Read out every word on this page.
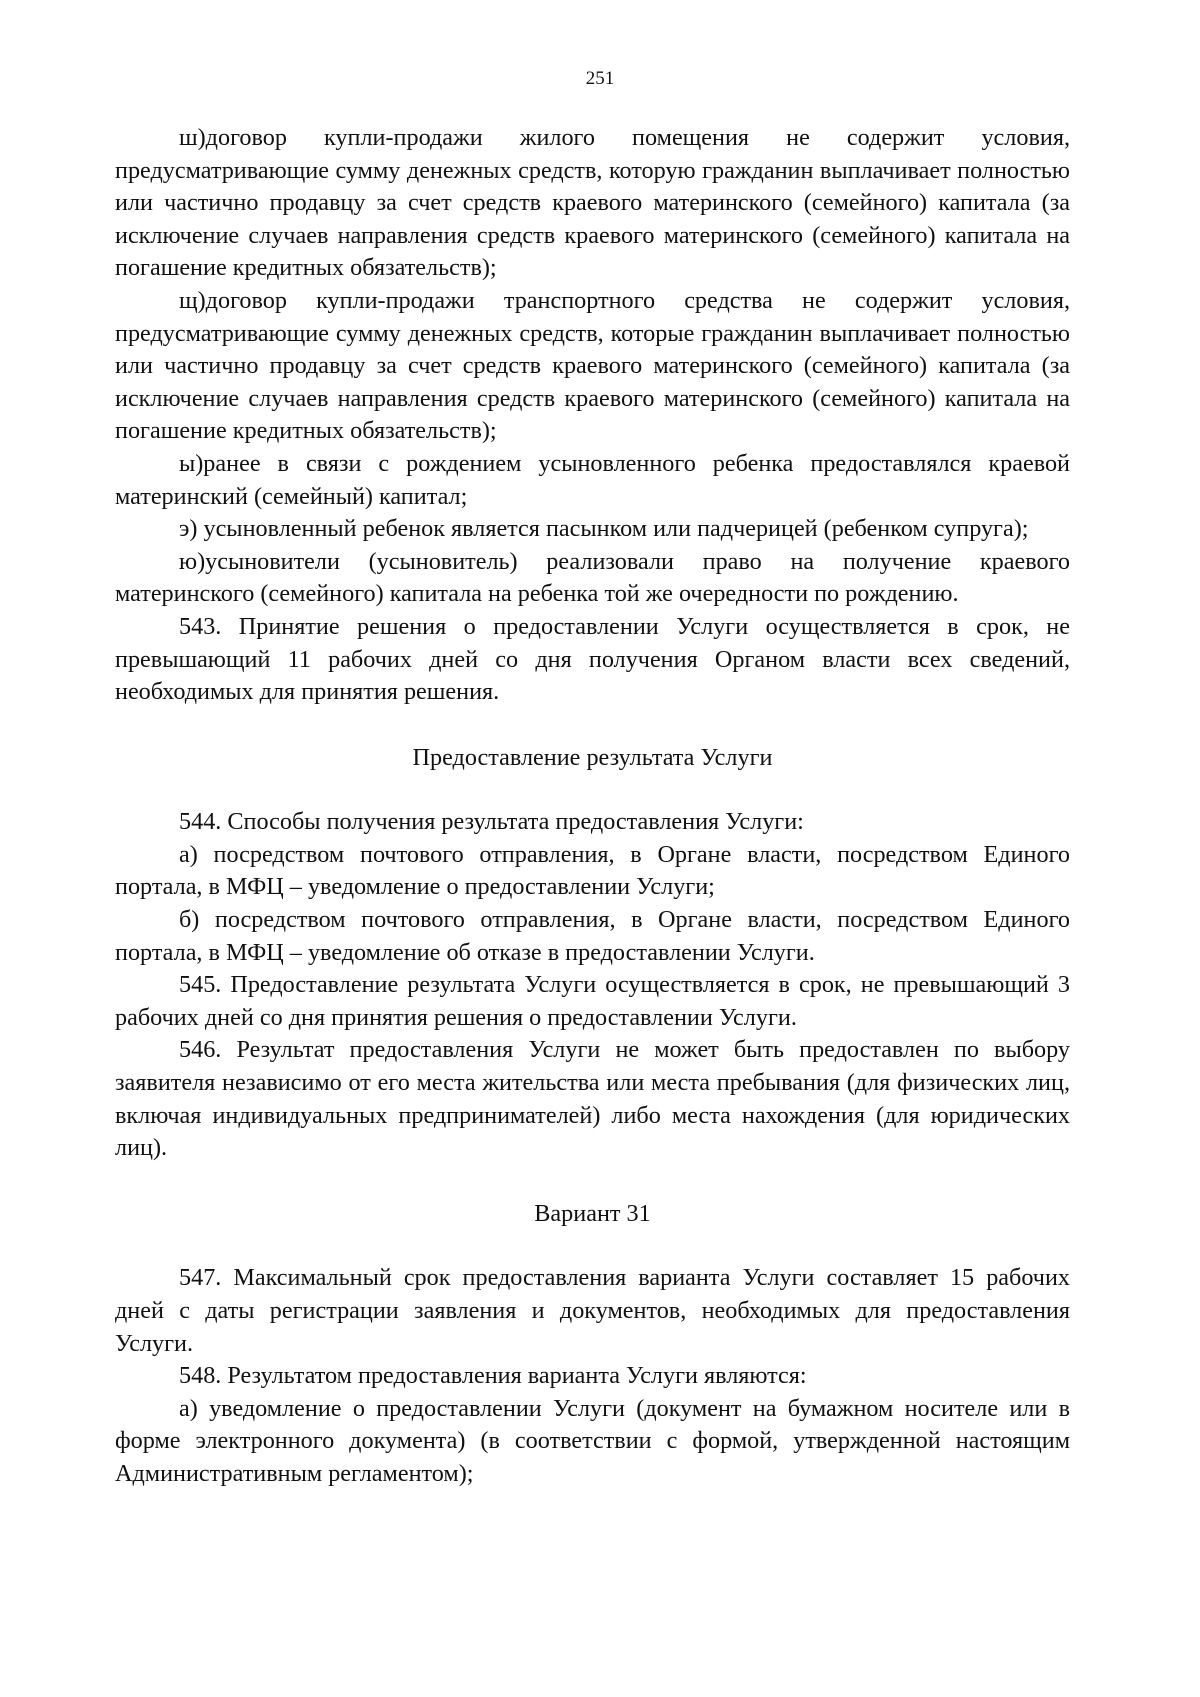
251

ш)договор купли-продажи жилого помещения не содержит условия, предусматривающие сумму денежных средств, которую гражданин выплачивает полностью или частично продавцу за счет средств краевого материнского (семейного) капитала (за исключение случаев направления средств краевого материнского (семейного) капитала на погашение кредитных обязательств);

щ)договор купли-продажи транспортного средства не содержит условия, предусматривающие сумму денежных средств, которые гражданин выплачивает полностью или частично продавцу за счет средств краевого материнского (семейного) капитала (за исключение случаев направления средств краевого материнского (семейного) капитала на погашение кредитных обязательств);

ы)ранее в связи с рождением усыновленного ребенка предоставлялся краевой материнский (семейный) капитал;

э) усыновленный ребенок является пасынком или падчерицей (ребенком супруга);

ю)усыновители (усыновитель) реализовали право на получение краевого материнского (семейного) капитала на ребенка той же очередности по рождению.

543. Принятие решения о предоставлении Услуги осуществляется в срок, не превышающий 11 рабочих дней со дня получения Органом власти всех сведений, необходимых для принятия решения.

Предоставление результата Услуги

544. Способы получения результата предоставления Услуги:

а) посредством почтового отправления, в Органе власти, посредством Единого портала, в МФЦ – уведомление о предоставлении Услуги;

б) посредством почтового отправления, в Органе власти, посредством Единого портала, в МФЦ – уведомление об отказе в предоставлении Услуги.

545. Предоставление результата Услуги осуществляется в срок, не превышающий 3 рабочих дней со дня принятия решения о предоставлении Услуги.

546. Результат предоставления Услуги не может быть предоставлен по выбору заявителя независимо от его места жительства или места пребывания (для физических лиц, включая индивидуальных предпринимателей) либо места нахождения (для юридических лиц).

Вариант 31

547. Максимальный срок предоставления варианта Услуги составляет 15 рабочих дней с даты регистрации заявления и документов, необходимых для предоставления Услуги.

548. Результатом предоставления варианта Услуги являются:

а) уведомление о предоставлении Услуги (документ на бумажном носителе или в форме электронного документа) (в соответствии с формой, утвержденной настоящим Административным регламентом);
